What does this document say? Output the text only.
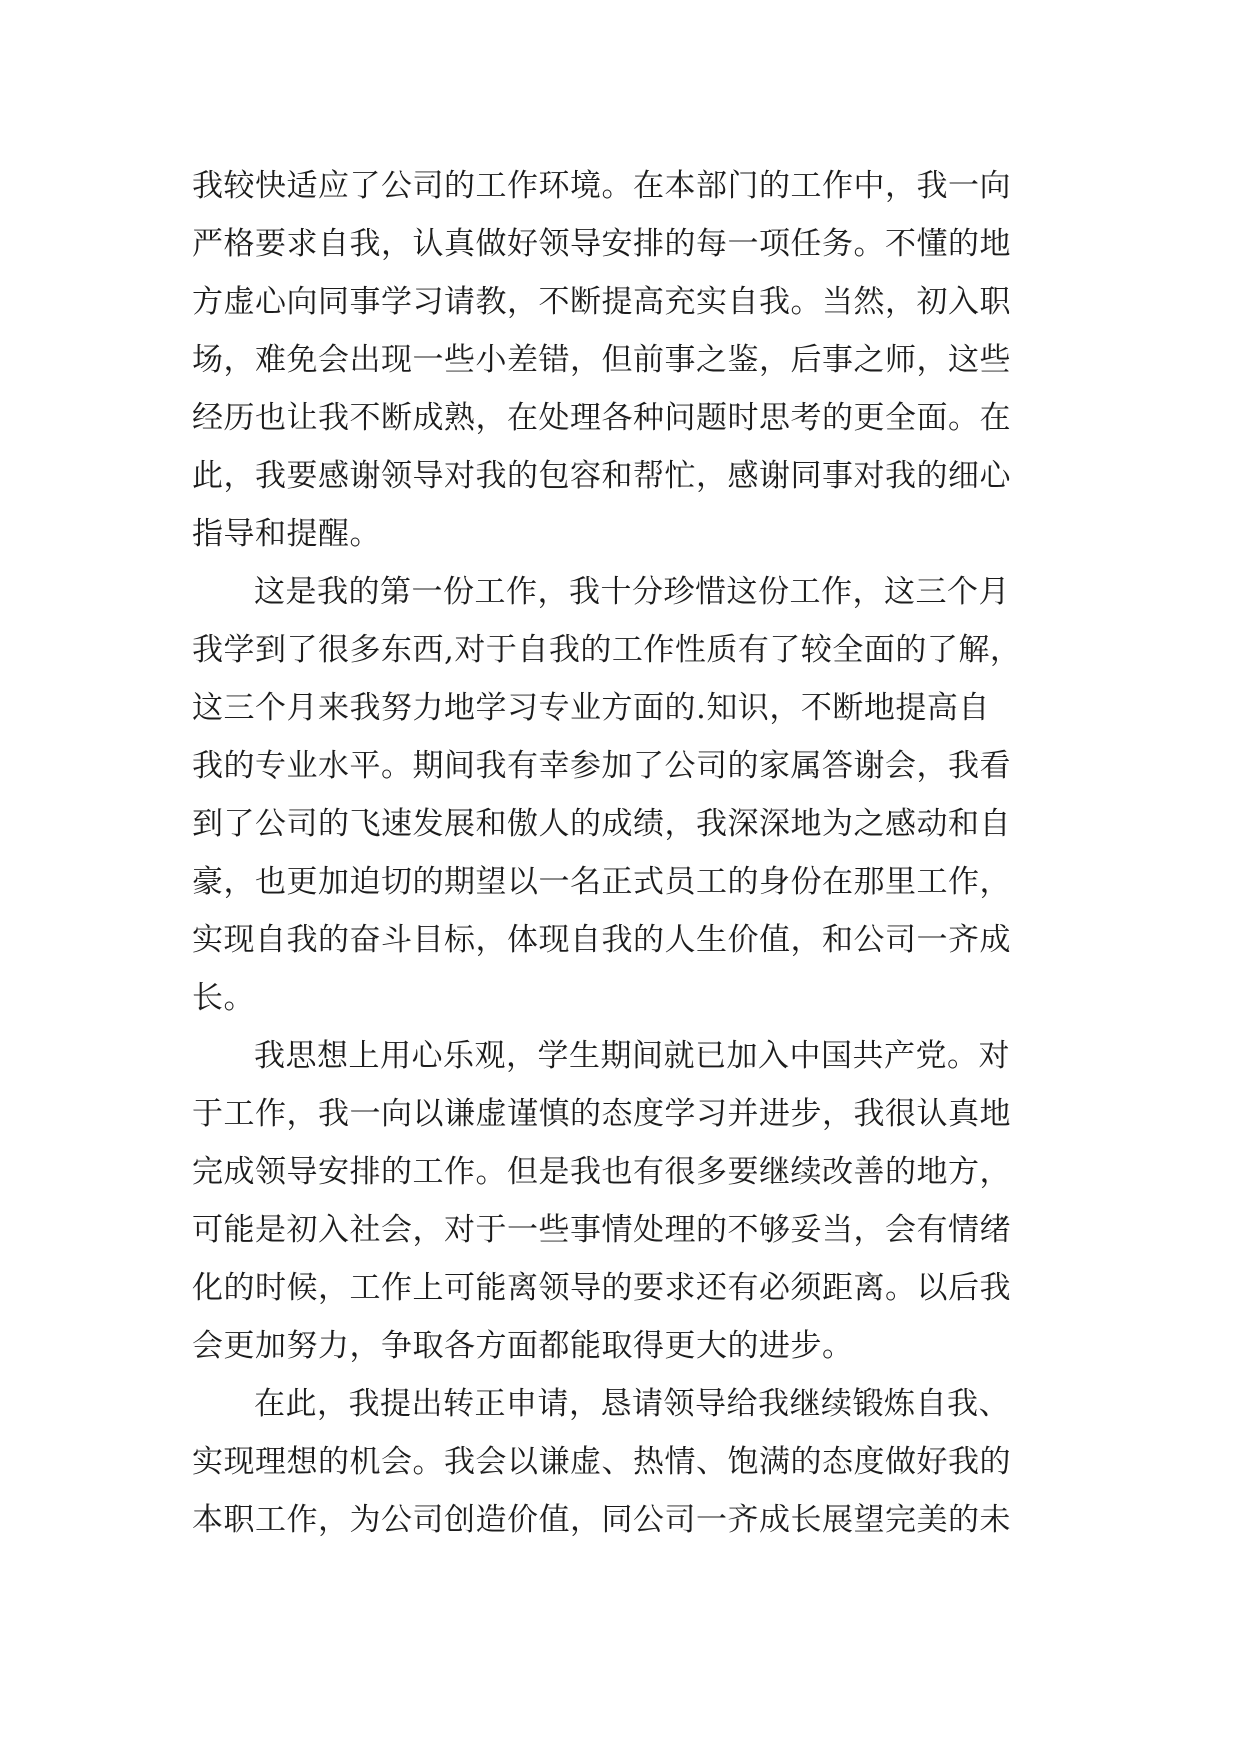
我较快适应了公司的工作环境。在本部门的工作中，我一向
严格要求自我，认真做好领导安排的每一项任务。不懂的地
方虚心向同事学习请教，不断提高充实自我。当然，初入职
场，难免会出现一些小差错，但前事之鉴，后事之师，这些
经历也让我不断成熟，在处理各种问题时思考的更全面。在
此，我要感谢领导对我的包容和帮忙，感谢同事对我的细心
指导和提醒。
这是我的第一份工作，我十分珍惜这份工作，这三个月
我学到了很多东西,对于自我的工作性质有了较全面的了解，
这三个月来我努力地学习专业方面的.知识，不断地提高自
我的专业水平。期间我有幸参加了公司的家属答谢会，我看
到了公司的飞速发展和傲人的成绩，我深深地为之感动和自
豪，也更加迫切的期望以一名正式员工的身份在那里工作，
实现自我的奋斗目标，体现自我的人生价值，和公司一齐成
长。
我思想上用心乐观，学生期间就已加入中国共产党。对
于工作，我一向以谦虚谨慎的态度学习并进步，我很认真地
完成领导安排的工作。但是我也有很多要继续改善的地方，
可能是初入社会，对于一些事情处理的不够妥当，会有情绪
化的时候，工作上可能离领导的要求还有必须距离。以后我
会更加努力，争取各方面都能取得更大的进步。
在此，我提出转正申请，恳请领导给我继续锻炼自我、
实现理想的机会。我会以谦虚、热情、饱满的态度做好我的
本职工作，为公司创造价值，同公司一齐成长展望完美的未
